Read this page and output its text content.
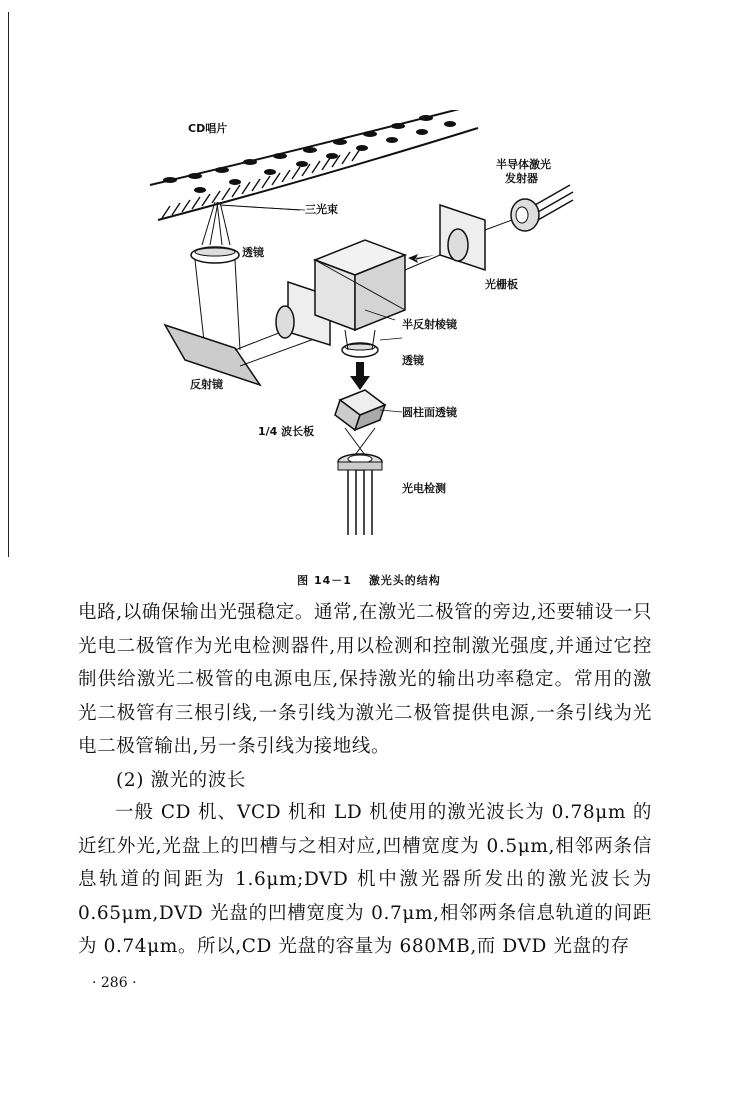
CD唱片
三光束
透镜
半导体激光
发射器
光栅板
半反射棱镜
透镜
反射镜
1/4 波长板
圆柱面透镜
光电检测
图 14－1 激光头的结构

电路,以确保输出光强稳定。通常,在激光二极管的旁边,还要辅设一只光电二极管作为光电检测器件,用以检测和控制激光强度,并通过它控制供给激光二极管的电源电压,保持激光的输出功率稳定。常用的激光二极管有三根引线,一条引线为激光二极管提供电源,一条引线为光电二极管输出,另一条引线为接地线。

(2) 激光的波长

一般 CD 机、VCD 机和 LD 机使用的激光波长为 0.78μm 的近红外光,光盘上的凹槽与之相对应,凹槽宽度为 0.5μm,相邻两条信息轨道的间距为 1.6μm;DVD 机中激光器所发出的激光波长为 0.65μm,DVD 光盘的凹槽宽度为 0.7μm,相邻两条信息轨道的间距为 0.74μm。所以,CD 光盘的容量为 680MB,而 DVD 光盘的存

· 286 ·
